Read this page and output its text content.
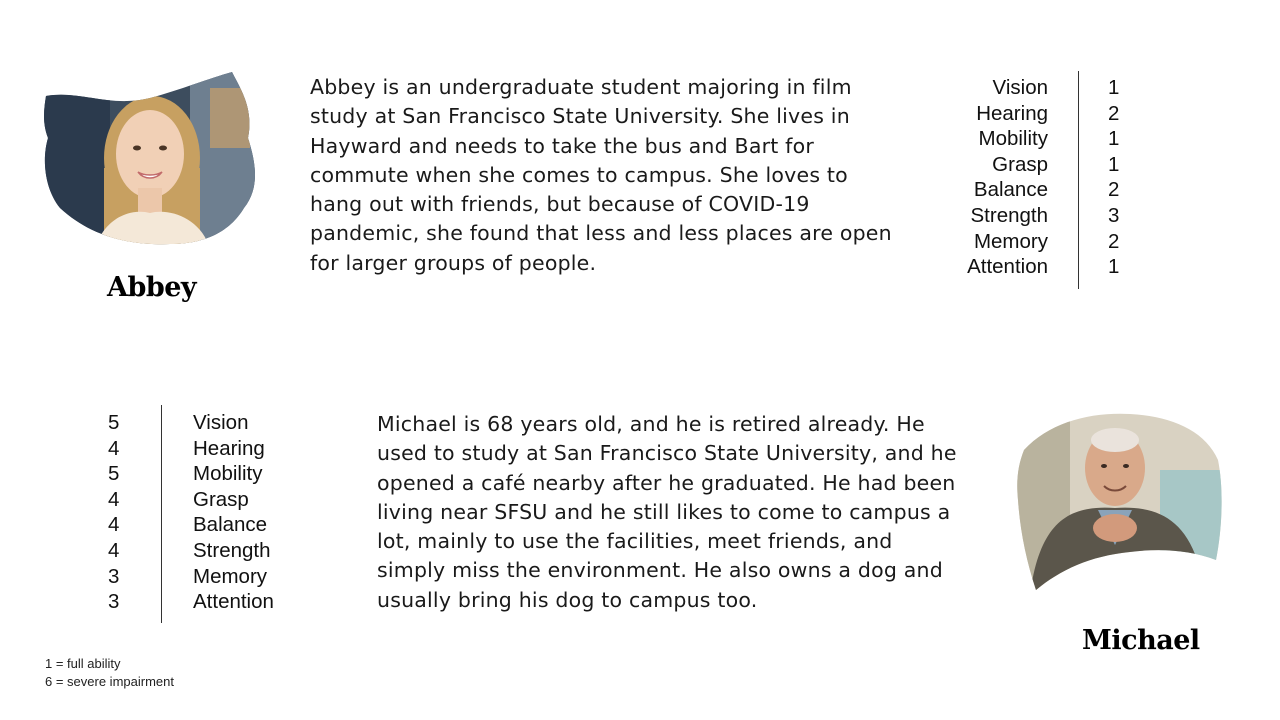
Abbey
Abbey is an undergraduate student majoring in film study at San Francisco State University. She lives in Hayward and needs to take the bus and Bart for commute when she comes to campus. She loves to hang out with friends, but because of COVID-19 pandemic, she found that less and less places are open for larger groups of people.
Vision	1
Hearing	2
Mobility	1
Grasp	1
Balance	2
Strength	3
Memory	2
Attention	1
5	Vision
4	Hearing
5	Mobility
4	Grasp
4	Balance
4	Strength
3	Memory
3	Attention
Michael is 68 years old, and he is retired already. He used to study at San Francisco State University, and he opened a café nearby after he graduated. He had been living near SFSU and he still likes to come to campus a lot, mainly to use the facilities, meet friends, and simply miss the environment. He also owns a dog and usually bring his dog to campus too.
Michael
1 = full ability
6 = severe impairment
